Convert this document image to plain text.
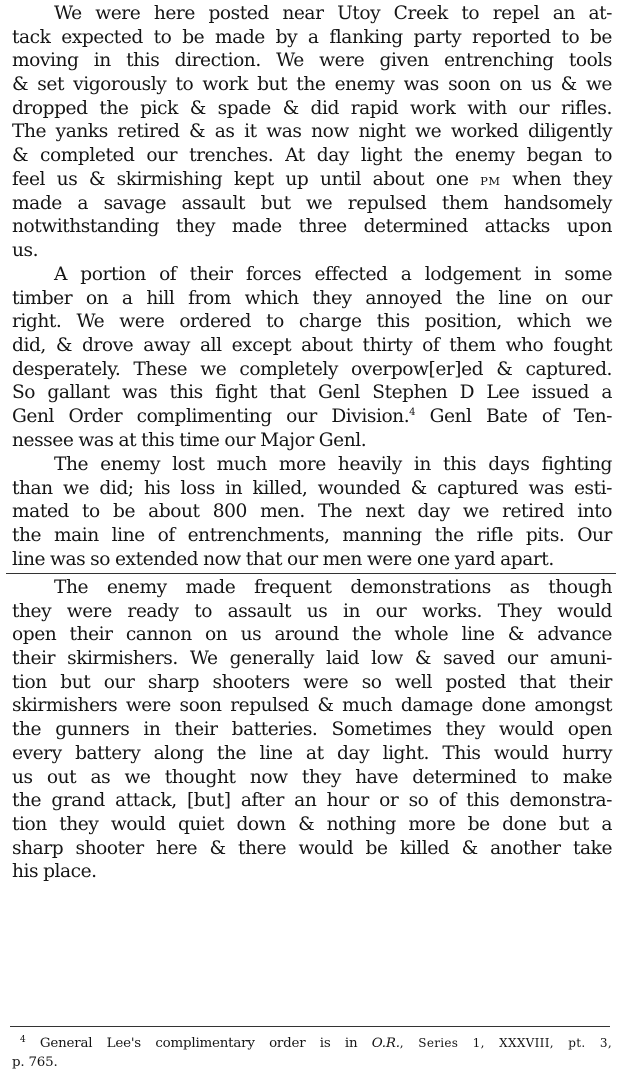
We were here posted near Utoy Creek to repel an at-
tack expected to be made by a flanking party reported to be
moving in this direction. We were given entrenching tools
& set vigorously to work but the enemy was soon on us & we
dropped the pick & spade & did rapid work with our rifles.
The yanks retired & as it was now night we worked diligently
& completed our trenches. At day light the enemy began to
feel us & skirmishing kept up until about one PM when they
made a savage assault but we repulsed them handsomely
notwithstanding they made three determined attacks upon
us.
A portion of their forces effected a lodgement in some
timber on a hill from which they annoyed the line on our
right. We were ordered to charge this position, which we
did, & drove away all except about thirty of them who fought
desperately. These we completely overpow[er]ed & captured.
So gallant was this fight that Genl Stephen D Lee issued a
Genl Order complimenting our Division.$^4$ Genl Bate of Ten-
nessee was at this time our Major Genl.
The enemy lost much more heavily in this days fighting
than we did; his loss in killed, wounded & captured was esti-
mated to be about 800 men. The next day we retired into
the main line of entrenchments, manning the rifle pits. Our
line was so extended now that our men were one yard apart.
The enemy made frequent demonstrations as though
they were ready to assault us in our works. They would
open their cannon on us around the whole line & advance
their skirmishers. We generally laid low & saved our amuni-
tion but our sharp shooters were so well posted that their
skirmishers were soon repulsed & much damage done amongst
the gunners in their batteries. Sometimes they would open
every battery along the line at day light. This would hurry
us out as we thought now they have determined to make
the grand attack, [but] after an hour or so of this demonstra-
tion they would quiet down & nothing more be done but a
sharp shooter here & there would be killed & another take
his place.
$^4$ General Lee's complimentary order is in O.R., Series 1, XXXVIII, pt. 3,
p. 765.
